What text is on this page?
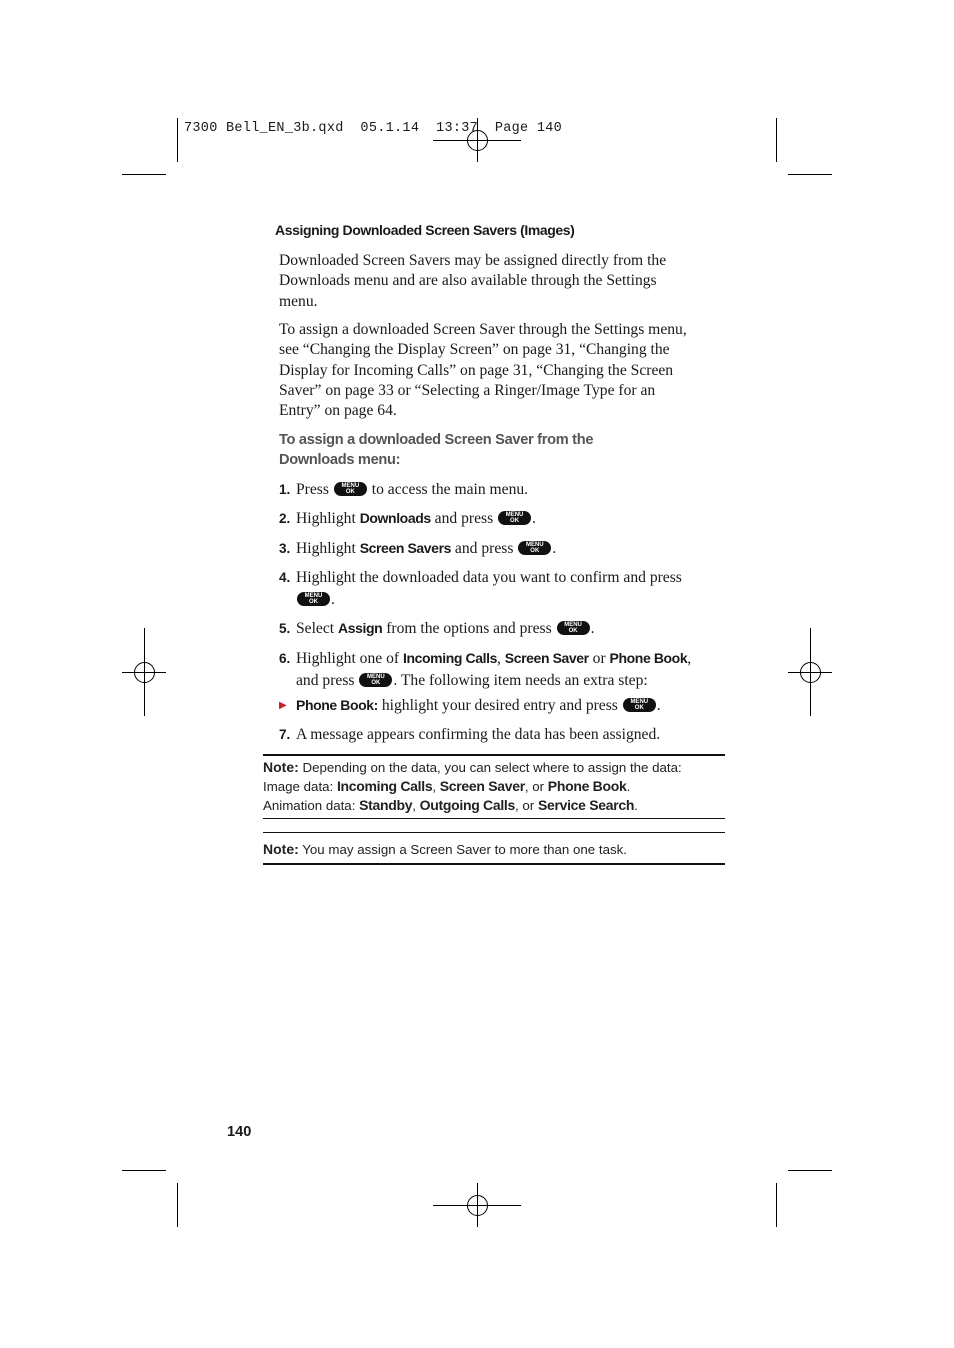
7300 Bell_EN_3b.qxd  05.1.14  13:37  Page 140
Assigning Downloaded Screen Savers (Images)
Downloaded Screen Savers may be assigned directly from the Downloads menu and are also available through the Settings menu.
To assign a downloaded Screen Saver through the Settings menu, see “Changing the Display Screen” on page 31, “Changing the Display for Incoming Calls” on page 31, “Changing the Screen Saver” on page 33 or “Selecting a Ringer/Image Type for an Entry” on page 64.
To assign a downloaded Screen Saver from the Downloads menu:
1. Press	MENU
OK	to access the main menu.
2. Highlight Downloads and press	MENU
OK .
3. Highlight Screen Savers and press	MENU
OK .
4. Highlight the downloaded data you want to confirm and press
MENU
OK .
5. Select Assign from the options and press	MENU
OK .
6. Highlight one of Incoming Calls, Screen Saver or Phone Book, and press	MENU
OK . The following item needs an extra step:
▶ Phone Book: highlight your desired entry and press	MENU
OK .
7. A message appears confirming the data has been assigned.
Note: Depending on the data, you can select where to assign the data:
Image data: Incoming Calls, Screen Saver, or Phone Book.
Animation data: Standby, Outgoing Calls, or Service Search.
Note: You may assign a Screen Saver to more than one task.
140
